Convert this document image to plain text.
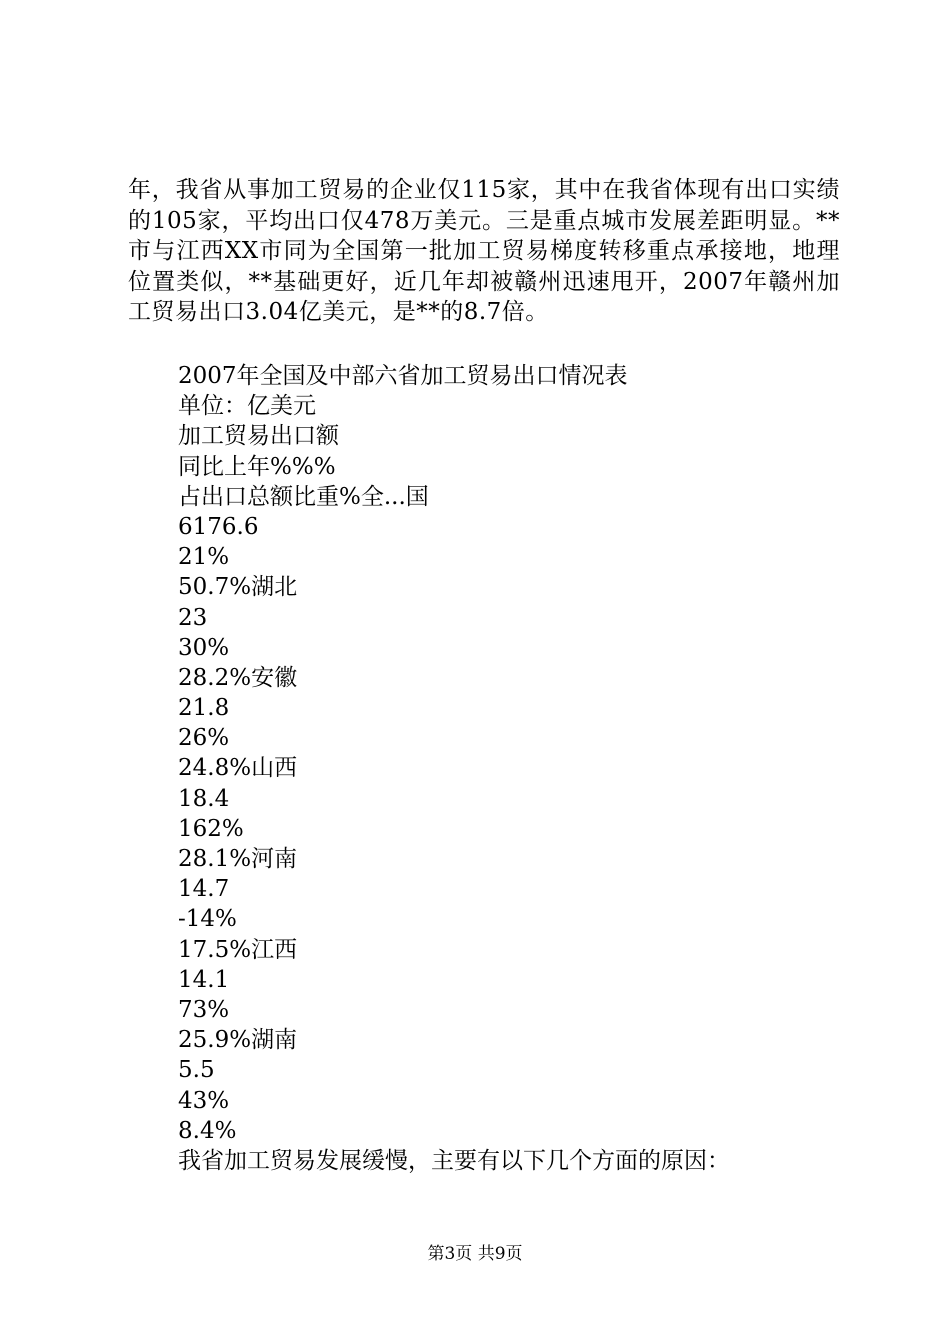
年，我省从事加工贸易的企业仅115家，其中在我省体现有出口实绩的105家，平均出口仅478万美元。三是重点城市发展差距明显。**市与江西XX市同为全国第一批加工贸易梯度转移重点承接地，地理位置类似，**基础更好，近几年却被赣州迅速甩开，2007年赣州加工贸易出口3.04亿美元，是**的8.7倍。
2007年全国及中部六省加工贸易出口情况表
单位：亿美元
加工贸易出口额
同比上年%%%
占出口总额比重%全...国
6176.6
21%
50.7%湖北
23
30%
28.2%安徽
21.8
26%
24.8%山西
18.4
162%
28.1%河南
14.7
-14%
17.5%江西
14.1
73%
25.9%湖南
5.5
43%
8.4%
我省加工贸易发展缓慢，主要有以下几个方面的原因：
第3页 共9页
